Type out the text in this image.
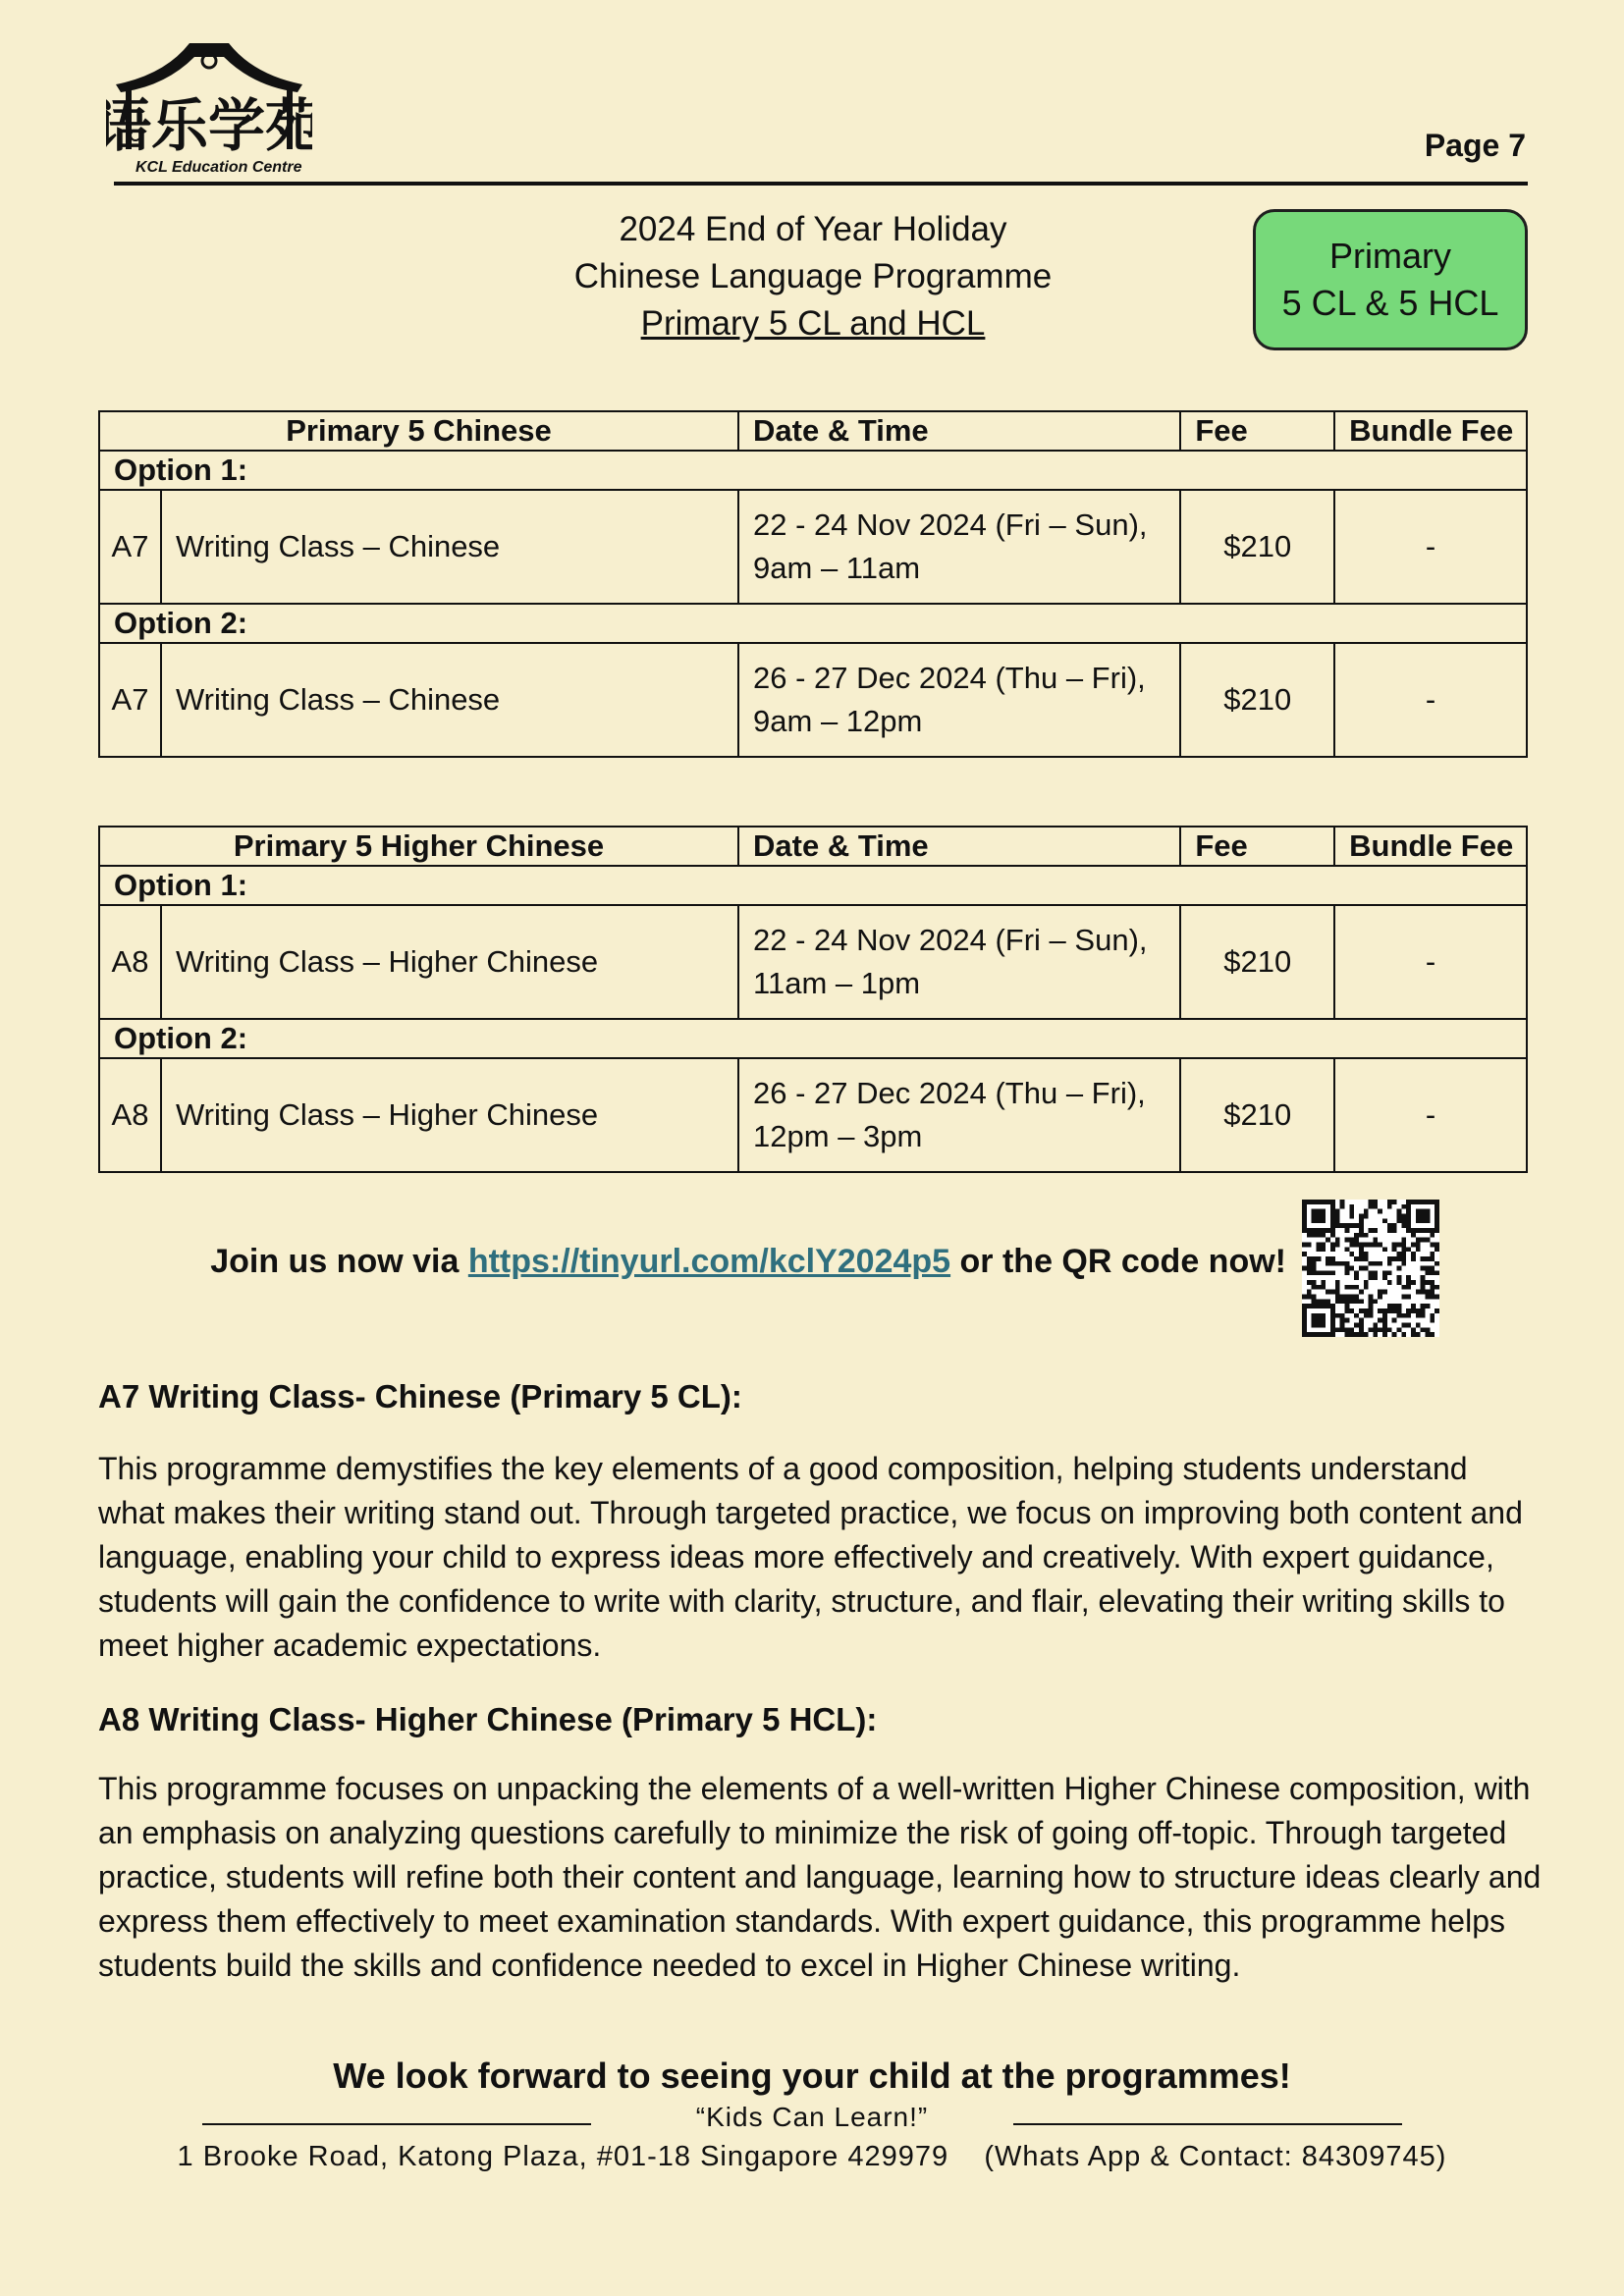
语乐学苑
KCL Education Centre
Page 7
2024 End of Year Holiday
Chinese Language Programme
Primary 5 CL and HCL
Primary
5 CL & 5 HCL
Primary 5 Chinese		Date & Time	Fee	Bundle Fee
Option 1:				
A7	Writing Class – Chinese	22 - 24 Nov 2024 (Fri – Sun),
9am – 11am	$210	-
Option 2:				
A7	Writing Class – Chinese	26 - 27 Dec 2024 (Thu – Fri),
9am – 12pm	$210	-
Primary 5 Higher Chinese		Date & Time	Fee	Bundle Fee
Option 1:				
A8	Writing Class – Higher Chinese	22 - 24 Nov 2024 (Fri – Sun),
11am – 1pm	$210	-
Option 2:				
A8	Writing Class – Higher Chinese	26 - 27 Dec 2024 (Thu – Fri),
12pm – 3pm	$210	-
Join us now via https://tinyurl.com/kclY2024p5 or the QR code now!
A7 Writing Class- Chinese (Primary 5 CL):
This programme demystifies the key elements of a good composition, helping students understand what makes their writing stand out. Through targeted practice, we focus on improving both content and language, enabling your child to express ideas more effectively and creatively. With expert guidance, students will gain the confidence to write with clarity, structure, and flair, elevating their writing skills to meet higher academic expectations.
A8 Writing Class- Higher Chinese (Primary 5 HCL):
This programme focuses on unpacking the elements of a well-written Higher Chinese composition, with an emphasis on analyzing questions carefully to minimize the risk of going off-topic. Through targeted practice, students will refine both their content and language, learning how to structure ideas clearly and express them effectively to meet examination standards. With expert guidance, this programme helps students build the skills and confidence needed to excel in Higher Chinese writing.
We look forward to seeing your child at the programmes!
“Kids Can Learn!”
1 Brooke Road, Katong Plaza, #01-18 Singapore 429979 (Whats App & Contact: 84309745)
